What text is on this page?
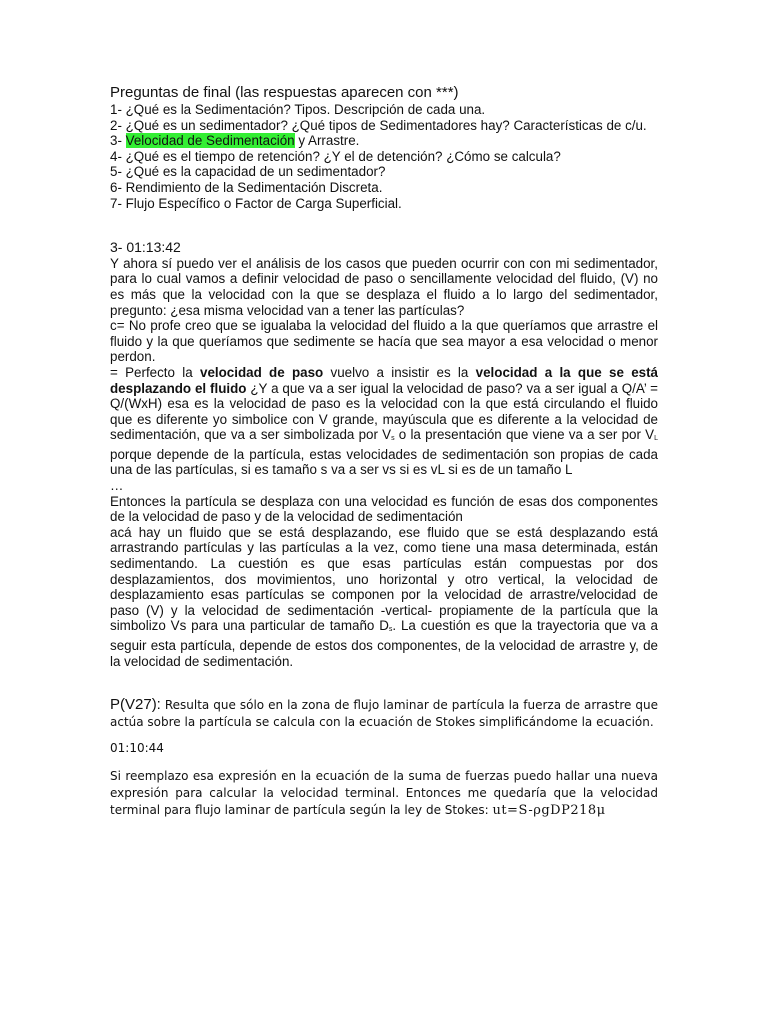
Preguntas de final (las respuestas aparecen con ***)
1- ¿Qué es la Sedimentación? Tipos. Descripción de cada una.
2- ¿Qué es un sedimentador? ¿Qué tipos de Sedimentadores hay? Características de c/u.
3- Velocidad de Sedimentación y Arrastre.
4- ¿Qué es el tiempo de retención? ¿Y el de detención? ¿Cómo se calcula?
5- ¿Qué es la capacidad de un sedimentador?
6- Rendimiento de la Sedimentación Discreta.
7- Flujo Específico o Factor de Carga Superficial.
3- 01:13:42
Y ahora sí puedo ver el análisis de los casos que pueden ocurrir con con mi sedimentador, para lo cual vamos a definir velocidad de paso o sencillamente velocidad del fluido, (V) no es más que la velocidad con la que se desplaza el fluido a lo largo del sedimentador, pregunto: ¿esa misma velocidad van a tener las partículas?
c= No profe creo que se igualaba la velocidad del fluido a la que queríamos que arrastre el fluido y la que queríamos que sedimente se hacía que sea mayor a esa velocidad o menor perdon.
= Perfecto la velocidad de paso vuelvo a insistir es la velocidad a la que se está desplazando el fluido ¿Y a que va a ser igual la velocidad de paso? va a ser igual a Q/A’ = Q/(WxH) esa es la velocidad de paso es la velocidad con la que está circulando el fluido que es diferente yo simbolice con V grande, mayúscula que es diferente a la velocidad de sedimentación, que va a ser simbolizada por $V_s$ o la presentación que viene va a ser por $V_L$ porque depende de la partícula, estas velocidades de sedimentación son propias de cada una de las partículas, si es tamaño s va a ser vs si es vL si es de un tamaño L
…
Entonces la partícula se desplaza con una velocidad es función de esas dos componentes de la velocidad de paso y de la velocidad de sedimentación
acá hay un fluido que se está desplazando, ese fluido que se está desplazando está arrastrando partículas y las partículas a la vez, como tiene una masa determinada, están sedimentando. La cuestión es que esas partículas están compuestas por dos desplazamientos, dos movimientos, uno horizontal y otro vertical, la velocidad de desplazamiento esas partículas se componen por la velocidad de arrastre/velocidad de paso (V) y la velocidad de sedimentación -vertical- propiamente de la partícula que la simbolizo Vs para una particular de tamaño $D_s$. La cuestión es que la trayectoria que va a seguir esta partícula, depende de estos dos componentes, de la velocidad de arrastre y, de la velocidad de sedimentación.
P(V27): Resulta que sólo en la zona de flujo laminar de partícula la fuerza de arrastre que actúa sobre la partícula se calcula con la ecuación de Stokes simplificándome la ecuación.
01:10:44
Si reemplazo esa expresión en la ecuación de la suma de fuerzas puedo hallar una nueva expresión para calcular la velocidad terminal. Entonces me quedaría que la velocidad terminal para flujo laminar de partícula según la ley de Stokes: ut=S-ρgDP218μ
